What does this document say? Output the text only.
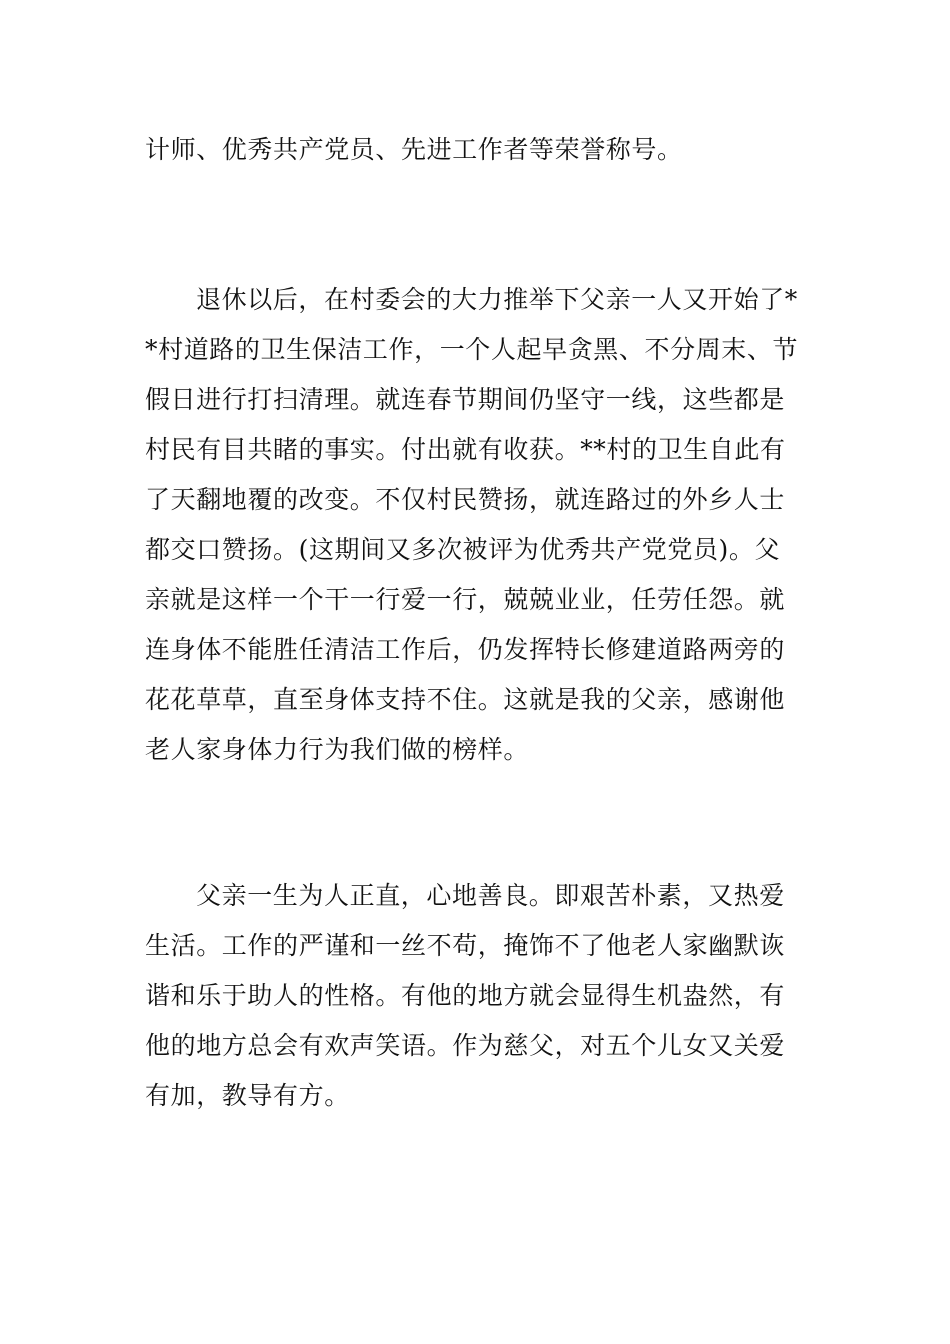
计师、优秀共产党员、先进工作者等荣誉称号。
退休以后，在村委会的大力推举下父亲一人又开始了*
*村道路的卫生保洁工作，一个人起早贪黑、不分周末、节
假日进行打扫清理。就连春节期间仍坚守一线，这些都是
村民有目共睹的事实。付出就有收获。**村的卫生自此有
了天翻地覆的改变。不仅村民赞扬，就连路过的外乡人士
都交口赞扬。(这期间又多次被评为优秀共产党党员)。父
亲就是这样一个干一行爱一行，兢兢业业，任劳任怨。就
连身体不能胜任清洁工作后，仍发挥特长修建道路两旁的
花花草草，直至身体支持不住。这就是我的父亲，感谢他
老人家身体力行为我们做的榜样。
父亲一生为人正直，心地善良。即艰苦朴素，又热爱
生活。工作的严谨和一丝不苟，掩饰不了他老人家幽默诙
谐和乐于助人的性格。有他的地方就会显得生机盎然，有
他的地方总会有欢声笑语。作为慈父，对五个儿女又关爱
有加，教导有方。
